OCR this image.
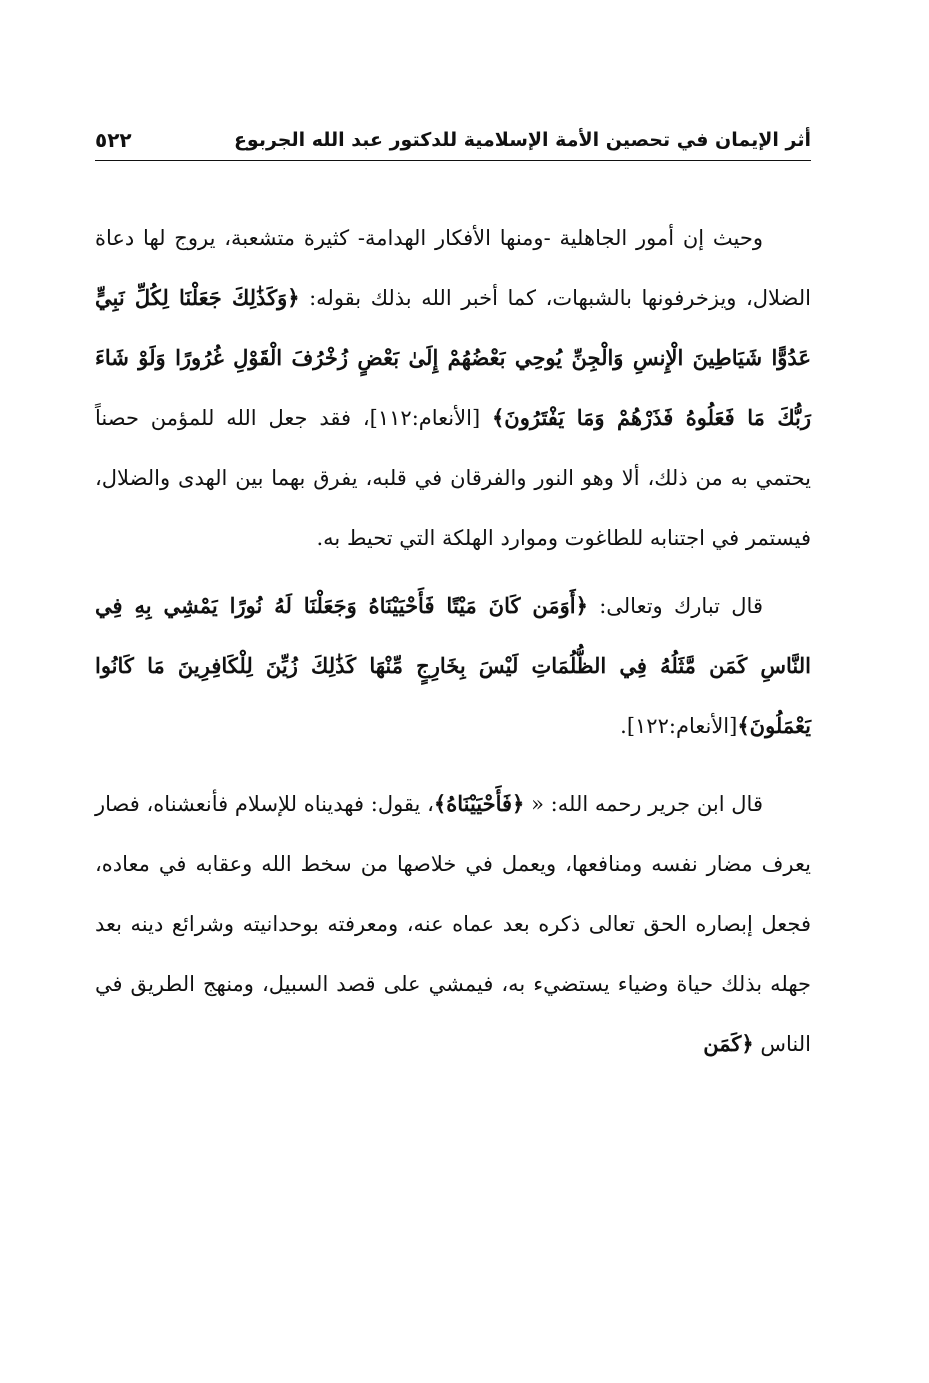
أثر الإيمان في تحصين الأمة الإسلامية للدكتور عبد الله الجربوع
٥٢٢

وحيث إن أمور الجاهلية -ومنها الأفكار الهدامة- كثيرة متشعبة، يروج لها دعاة الضلال، ويزخرفونها بالشبهات، كما أخبر الله بذلك بقوله: ﴿وَكَذَٰلِكَ جَعَلْنَا لِكُلِّ نَبِيٍّ عَدُوًّا شَيَاطِينَ الْإِنسِ وَالْجِنِّ يُوحِي بَعْضُهُمْ إِلَىٰ بَعْضٍ زُخْرُفَ الْقَوْلِ غُرُورًا وَلَوْ شَاءَ رَبُّكَ مَا فَعَلُوهُ فَذَرْهُمْ وَمَا يَفْتَرُونَ﴾ [الأنعام:١١٢]، فقد جعل الله للمؤمن حصناً يحتمي به من ذلك، ألا وهو النور والفرقان في قلبه، يفرق بهما بين الهدى والضلال، فيستمر في اجتنابه للطاغوت وموارد الهلكة التي تحيط به.

قال تبارك وتعالى: ﴿أَوَمَن كَانَ مَيْتًا فَأَحْيَيْنَاهُ وَجَعَلْنَا لَهُ نُورًا يَمْشِي بِهِ فِي النَّاسِ كَمَن مَّثَلُهُ فِي الظُّلُمَاتِ لَيْسَ بِخَارِجٍ مِّنْهَا كَذَٰلِكَ زُيِّنَ لِلْكَافِرِينَ مَا كَانُوا يَعْمَلُونَ﴾[الأنعام:١٢٢].

قال ابن جرير رحمه الله: « ﴿فَأَحْيَيْنَاهُ﴾، يقول: فهديناه للإسلام فأنعشناه، فصار يعرف مضار نفسه ومنافعها، ويعمل في خلاصها من سخط الله وعقابه في معاده، فجعل إبصاره الحق تعالى ذكره بعد عماه عنه، ومعرفته بوحدانيته وشرائع دينه بعد جهله بذلك حياة وضياء يستضيء به، فيمشي على قصد السبيل، ومنهج الطريق في الناس ﴿كَمَن
